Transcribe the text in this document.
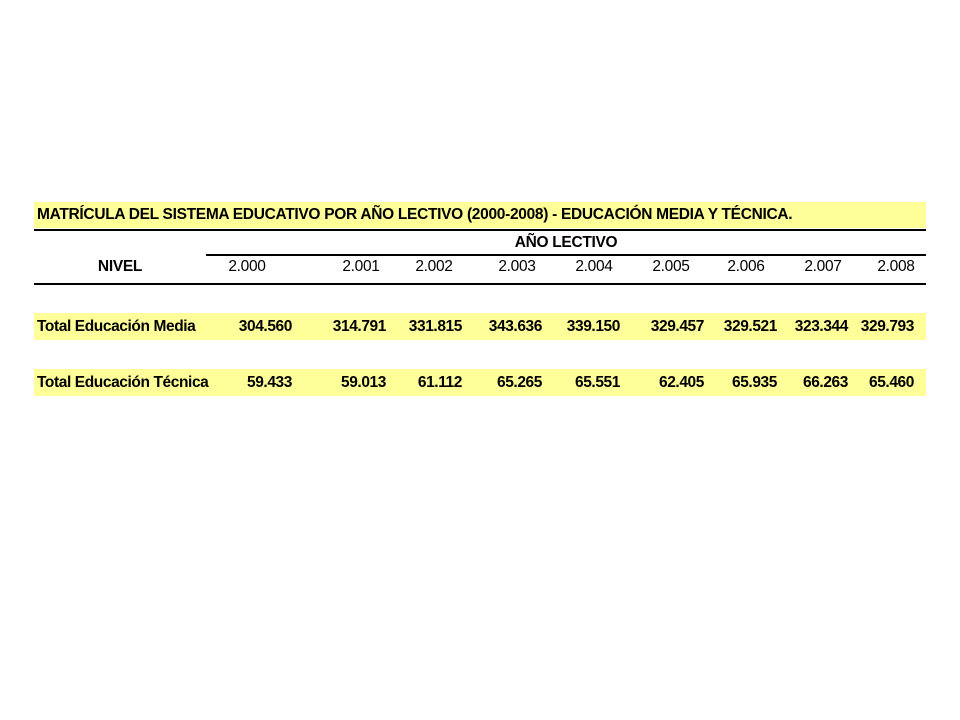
MATRÍCULA DEL SISTEMA EDUCATIVO POR AÑO LECTIVO (2000-2008) - EDUCACIÓN MEDIA Y TÉCNICA.
AÑO LECTIVO
NIVEL	2.000	2.001	2.002	2.003	2.004	2.005	2.006	2.007	2.008
Total Educación Media	304.560	314.791	331.815	343.636	339.150	329.457	329.521	323.344 329.793
Total Educación Técnica	59.433	59.013	61.112	65.265	65.551	62.405	65.935	66.263	65.460
